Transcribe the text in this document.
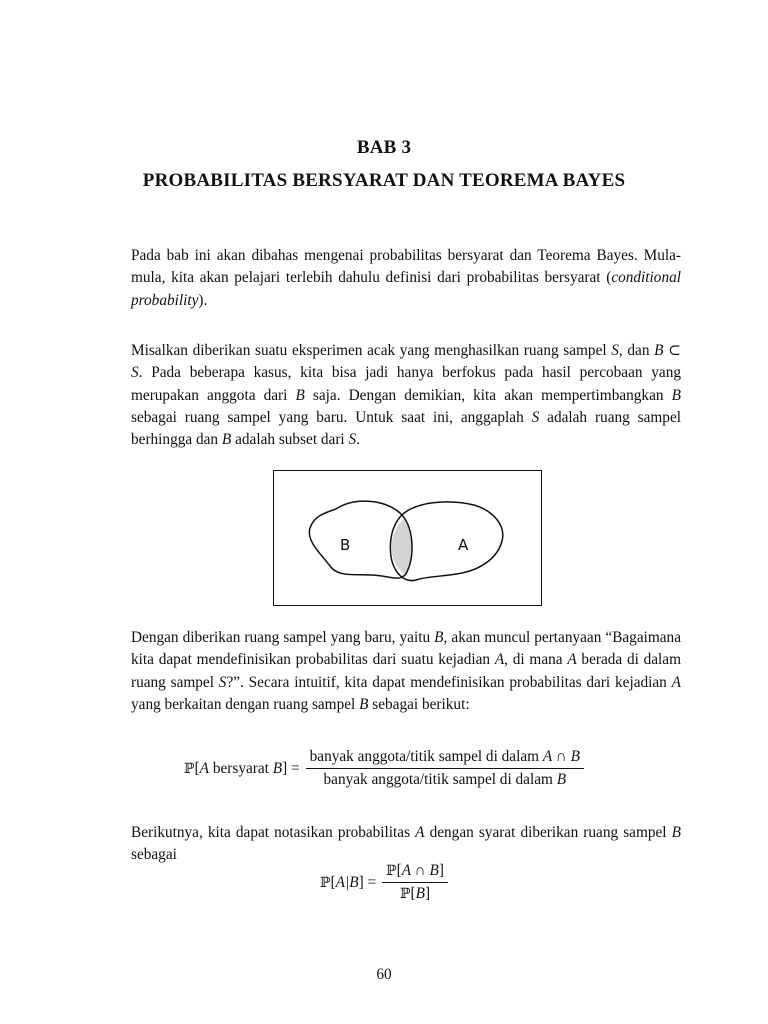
BAB 3
PROBABILITAS BERSYARAT DAN TEOREMA BAYES

Pada bab ini akan dibahas mengenai probabilitas bersyarat dan Teorema Bayes. Mula-mula, kita akan pelajari terlebih dahulu definisi dari probabilitas bersyarat (conditional probability).

Misalkan diberikan suatu eksperimen acak yang menghasilkan ruang sampel S, dan B ⊂ S. Pada beberapa kasus, kita bisa jadi hanya berfokus pada hasil percobaan yang merupakan anggota dari B saja. Dengan demikian, kita akan mempertimbangkan B sebagai ruang sampel yang baru. Untuk saat ini, anggaplah S adalah ruang sampel berhingga dan B adalah subset dari S.

B	A

Dengan diberikan ruang sampel yang baru, yaitu B, akan muncul pertanyaan “Bagaimana kita dapat mendefinisikan probabilitas dari suatu kejadian A, di mana A berada di dalam ruang sampel S?”. Secara intuitif, kita dapat mendefinisikan probabilitas dari kejadian A yang berkaitan dengan ruang sampel B sebagai berikut:

ℙ[A bersyarat $B] = \frac{\text{banyak anggota/titik sampel di dalam A ∩ B}}{\text{banyak anggota/titik sampel di dalam B}}$

Berikutnya, kita dapat notasikan probabilitas A dengan syarat diberikan ruang sampel B sebagai

ℙ[A|B] = $\frac{\text{ℙ[A ∩ B]}}{\text{ℙ[B]}}$
60
